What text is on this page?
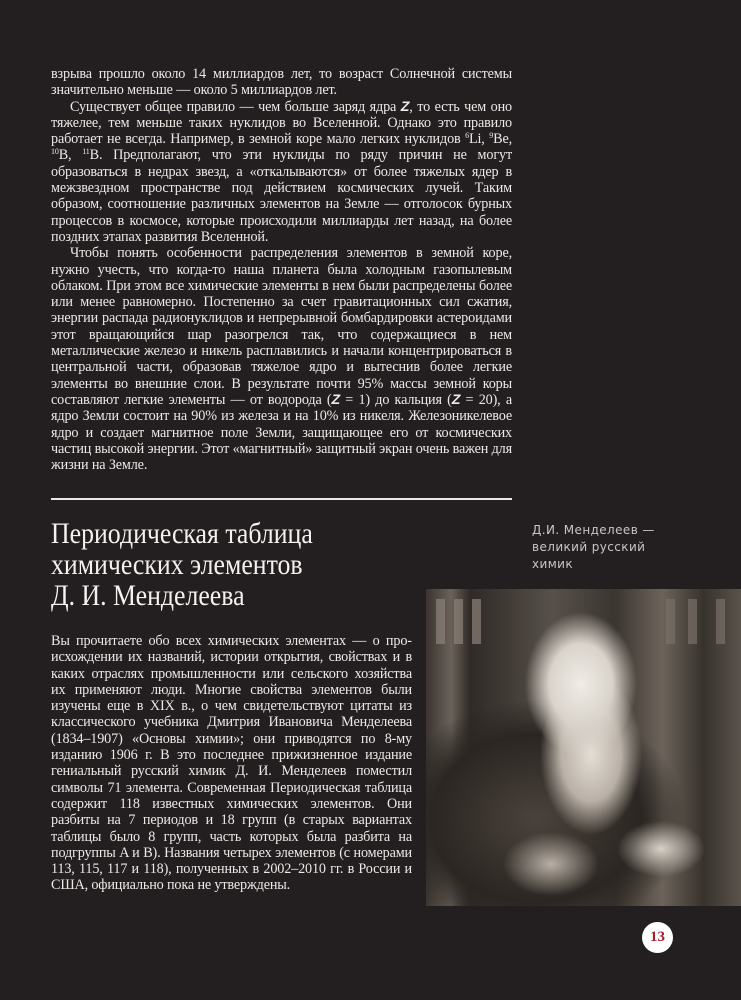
взрыва прошло около 14 миллиардов лет, то возраст Солнечной системы значительно меньше — около 5 миллиардов лет.

Существует общее правило — чем больше заряд ядра Z, то есть чем оно тяжелее, тем меньше таких нуклидов во Вселенной. Однако это правило работает не всегда. Например, в земной коре мало легких нуклидов $^6$Li, $^9$Be, $^{10}$B, $^{11}$B. Предполагают, что эти нуклиды по ряду причин не могут образоваться в недрах звезд, а «откалываются» от более тяжелых ядер в межзвездном пространстве под действием космических лучей. Таким образом, соотношение различных элементов на Земле — отголосок бурных процессов в космосе, которые происходили миллиарды лет назад, на более поздних этапах развития Вселенной.

Чтобы понять особенности распределения элементов в земной коре, нужно учесть, что когда-то наша планета была холодным газопылевым облаком. При этом все химические элементы в нем были распределены более или менее равномерно. Постепенно за счет гравитационных сил сжатия, энергии распада радионуклидов и непрерывной бомбардировки астероидами этот вращающийся шар разогрелся так, что содержащиеся в нем металлические железо и никель расплавились и начали концентрироваться в центральной части, образовав тяжелое ядро и вытеснив более легкие элементы во внешние слои. В результате почти 95% массы земной коры составляют легкие элементы — от водорода (Z = 1) до кальция (Z = 20), а ядро Земли состоит на 90% из железа и на 10% из никеля. Железоникелевое ядро и создает магнитное поле Земли, защищающее его от космических частиц высокой энергии. Этот «магнитный» защитный экран очень важен для жизни на Земле.

Периодическая таблица
химических элементов
Д. И. Менделеева
Д.И. Менделеев —
великий русский
химик

Вы прочитаете обо всех химических элементах — о происхождении их названий, истории открытия, свойствах и в каких отраслях промышленности или сельского хозяйства их применяют люди. Многие свойства элементов были изучены еще в XIX в., о чем свидетельствуют цитаты из классического учебника Дмитрия Ивановича Менделеева (1834–1907) «Основы химии»; они приводятся по 8-му изданию 1906 г. В это последнее прижизненное издание гениальный русский химик Д. И. Менделеев поместил символы 71 элемента. Современная Периодическая таблица содержит 118 известных химических элементов. Они разбиты на 7 периодов и 18 групп (в старых вариантах таблицы было 8 групп, часть которых была разбита на подгруппы A и B). Названия четырех элементов (с номерами 113, 115, 117 и 118), полученных в 2002–2010 гг. в России и США, официально пока не утверждены.

13
